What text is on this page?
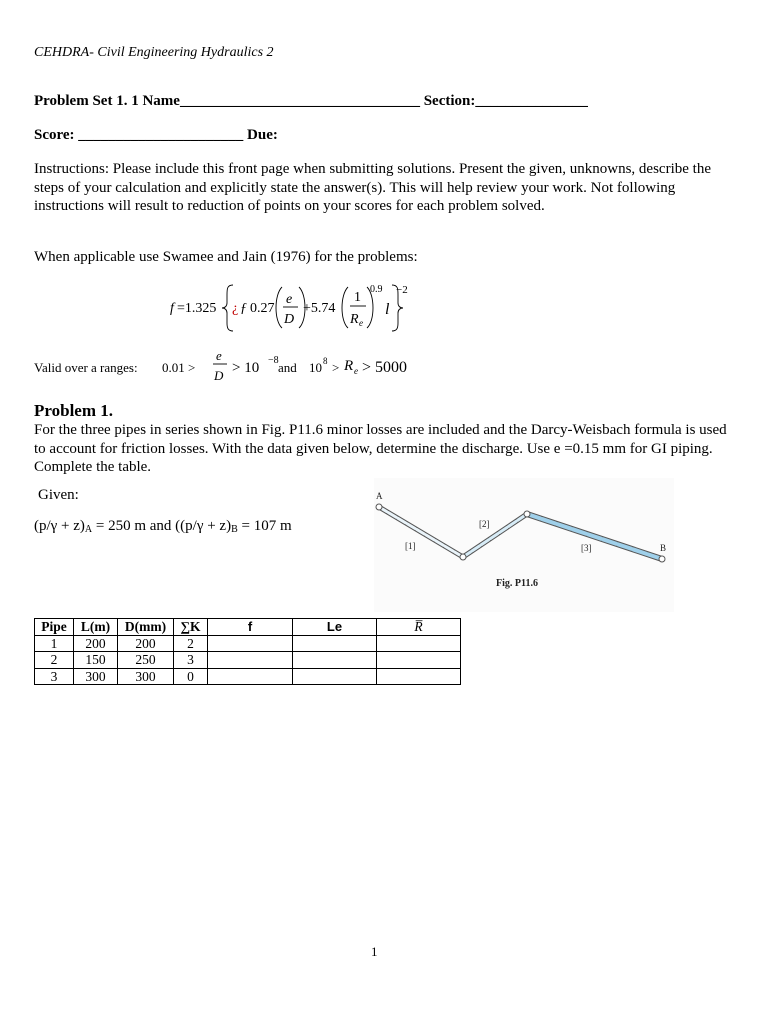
CEHDRA- Civil Engineering Hydraulics 2
Problem Set 1. 1 Name________________________________ Section:_______________
Score: ______________________ Due:
Instructions: Please include this front page when submitting solutions. Present the given, unknowns, describe the steps of your calculation and explicitly state the answer(s). This will help review your work. Not following instructions will result to reduction of points on your scores for each problem solved.
When applicable use Swamee and Jain (1976) for the problems:
f =1.325 ¿ ƒ 0.27
e
D
+5.74
1
R e
0.9
l
−2
Valid over a ranges: 0.01 >
e
D > 10 −8 and 10 8 > R e > 5000
Problem 1.
For the three pipes in series shown in Fig. P11.6 minor losses are included and the Darcy-Weisbach formula is used to account for friction losses. With the data given below, determine the discharge. Use e =0.15 mm for GI piping. Complete the table.
Given:
$(p/\gamma + z)_A = 250$ m and ($(p/\gamma + z)_B = 107$ m
A
B
[1]
[2]
[3]
Fig. P11.6
Pipe	L(m)	D(mm)	∑K	f	Le	R̅
1	200	200	2			
2	150	250	3			
3	300	300	0			
1
